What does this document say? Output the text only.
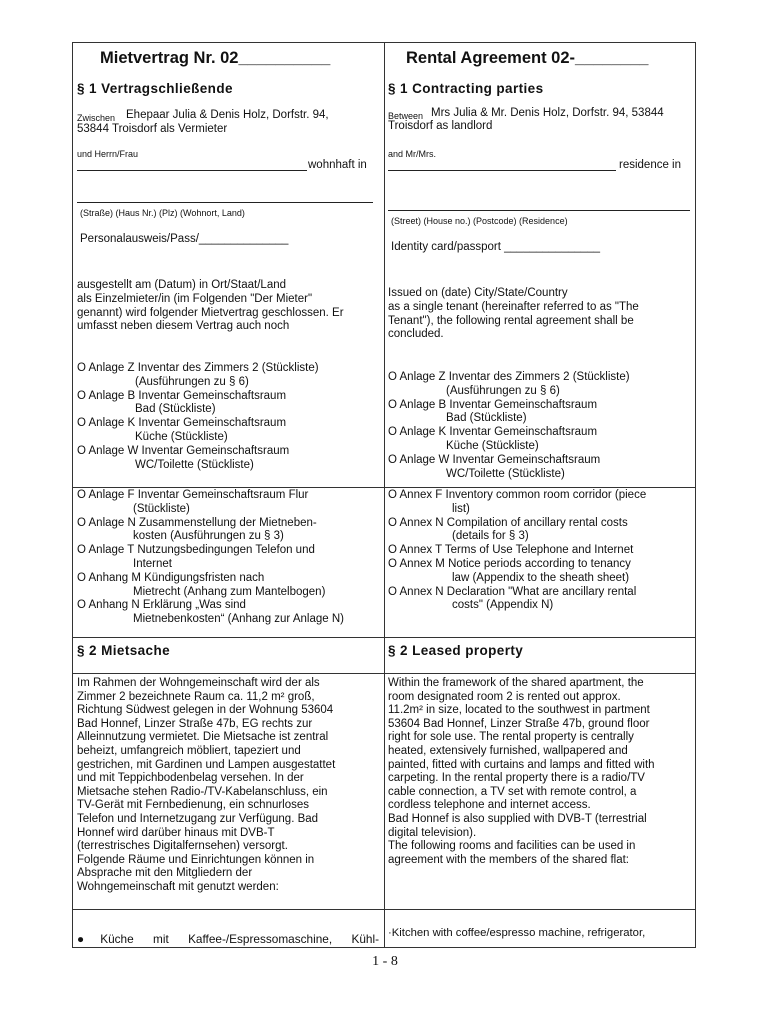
Mietvertrag Nr. 02__________
§ 1 Vertragschließende
Zwischen Ehepaar Julia & Denis Holz, Dorfstr. 94,
53844 Troisdorf als Vermieter
und Herrn/Frau
wohnhaft in
(Straße) (Haus Nr.) (Plz) (Wohnort, Land)
Personalausweis/Pass/______________
ausgestellt am (Datum) in Ort/Staat/Land
als Einzelmieter/in (im Folgenden "Der Mieter"
genannt) wird folgender Mietvertrag geschlossen. Er
umfasst neben diesem Vertrag auch noch
O Anlage Z Inventar des Zimmers 2 (Stückliste)
(Ausführungen zu § 6)
O Anlage B Inventar Gemeinschaftsraum
Bad (Stückliste)
O Anlage K Inventar Gemeinschaftsraum
Küche (Stückliste)
O Anlage W Inventar Gemeinschaftsraum
WC/Toilette (Stückliste)
O Anlage F Inventar Gemeinschaftsraum Flur
(Stückliste)
O Anlage N Zusammenstellung der Mietneben-
kosten (Ausführungen zu § 3)
O Anlage T Nutzungsbedingungen Telefon und
Internet
O Anhang M Kündigungsfristen nach
Mietrecht (Anhang zum Mantelbogen)
O Anhang N Erklärung „Was sind
Mietnebenkosten“ (Anhang zur Anlage N)
§ 2 Mietsache
Im Rahmen der Wohngemeinschaft wird der als
Zimmer 2 bezeichnete Raum ca. 11,2 m² groß,
Richtung Südwest gelegen in der Wohnung 53604
Bad Honnef, Linzer Straße 47b, EG rechts zur
Alleinnutzung vermietet. Die Mietsache ist zentral
beheizt, umfangreich möbliert, tapeziert und
gestrichen, mit Gardinen und Lampen ausgestattet
und mit Teppichbodenbelag versehen. In der
Mietsache stehen Radio-/TV-Kabelanschluss, ein
TV-Gerät mit Fernbedienung, ein schnurloses
Telefon und Internetzugang zur Verfügung. Bad
Honnef wird darüber hinaus mit DVB-T
(terrestrisches Digitalfernsehen) versorgt.
Folgende Räume und Einrichtungen können in
Absprache mit den Mitgliedern der
Wohngemeinschaft mit genutzt werden:
●Küche mit Kaffee-/Espressomaschine, Kühl-
Rental Agreement 02-________
§ 1 Contracting parties
Between Mrs Julia & Mr. Denis Holz, Dorfstr. 94, 53844
Troisdorf as landlord
and Mr/Mrs.
residence in
(Street) (House no.) (Postcode) (Residence)
Identity card/passport _______________
Issued on (date) City/State/Country
as a single tenant (hereinafter referred to as "The
Tenant"), the following rental agreement shall be
concluded.
O Anlage Z Inventar des Zimmers 2 (Stückliste)
(Ausführungen zu § 6)
O Anlage B Inventar Gemeinschaftsraum
Bad (Stückliste)
O Anlage K Inventar Gemeinschaftsraum
Küche (Stückliste)
O Anlage W Inventar Gemeinschaftsraum
WC/Toilette (Stückliste)
O Annex F Inventory common room corridor (piece
list)
O Annex N Compilation of ancillary rental costs
(details for § 3)
O Annex T Terms of Use Telephone and Internet
O Annex M Notice periods according to tenancy
law (Appendix to the sheath sheet)
O Annex N Declaration "What are ancillary rental
costs" (Appendix N)
§ 2 Leased property
Within the framework of the shared apartment, the
room designated room 2 is rented out approx.
11.2m² in size, located to the southwest in partment
53604 Bad Honnef, Linzer Straße 47b, ground floor
right for sole use. The rental property is centrally
heated, extensively furnished, wallpapered and
painted, fitted with curtains and lamps and fitted with
carpeting. In the rental property there is a radio/TV
cable connection, a TV set with remote control, a
cordless telephone and internet access.
Bad Honnef is also supplied with DVB-T (terrestrial
digital television).
The following rooms and facilities can be used in
agreement with the members of the shared flat:
·Kitchen with coffee/espresso machine, refrigerator,
1 - 8
